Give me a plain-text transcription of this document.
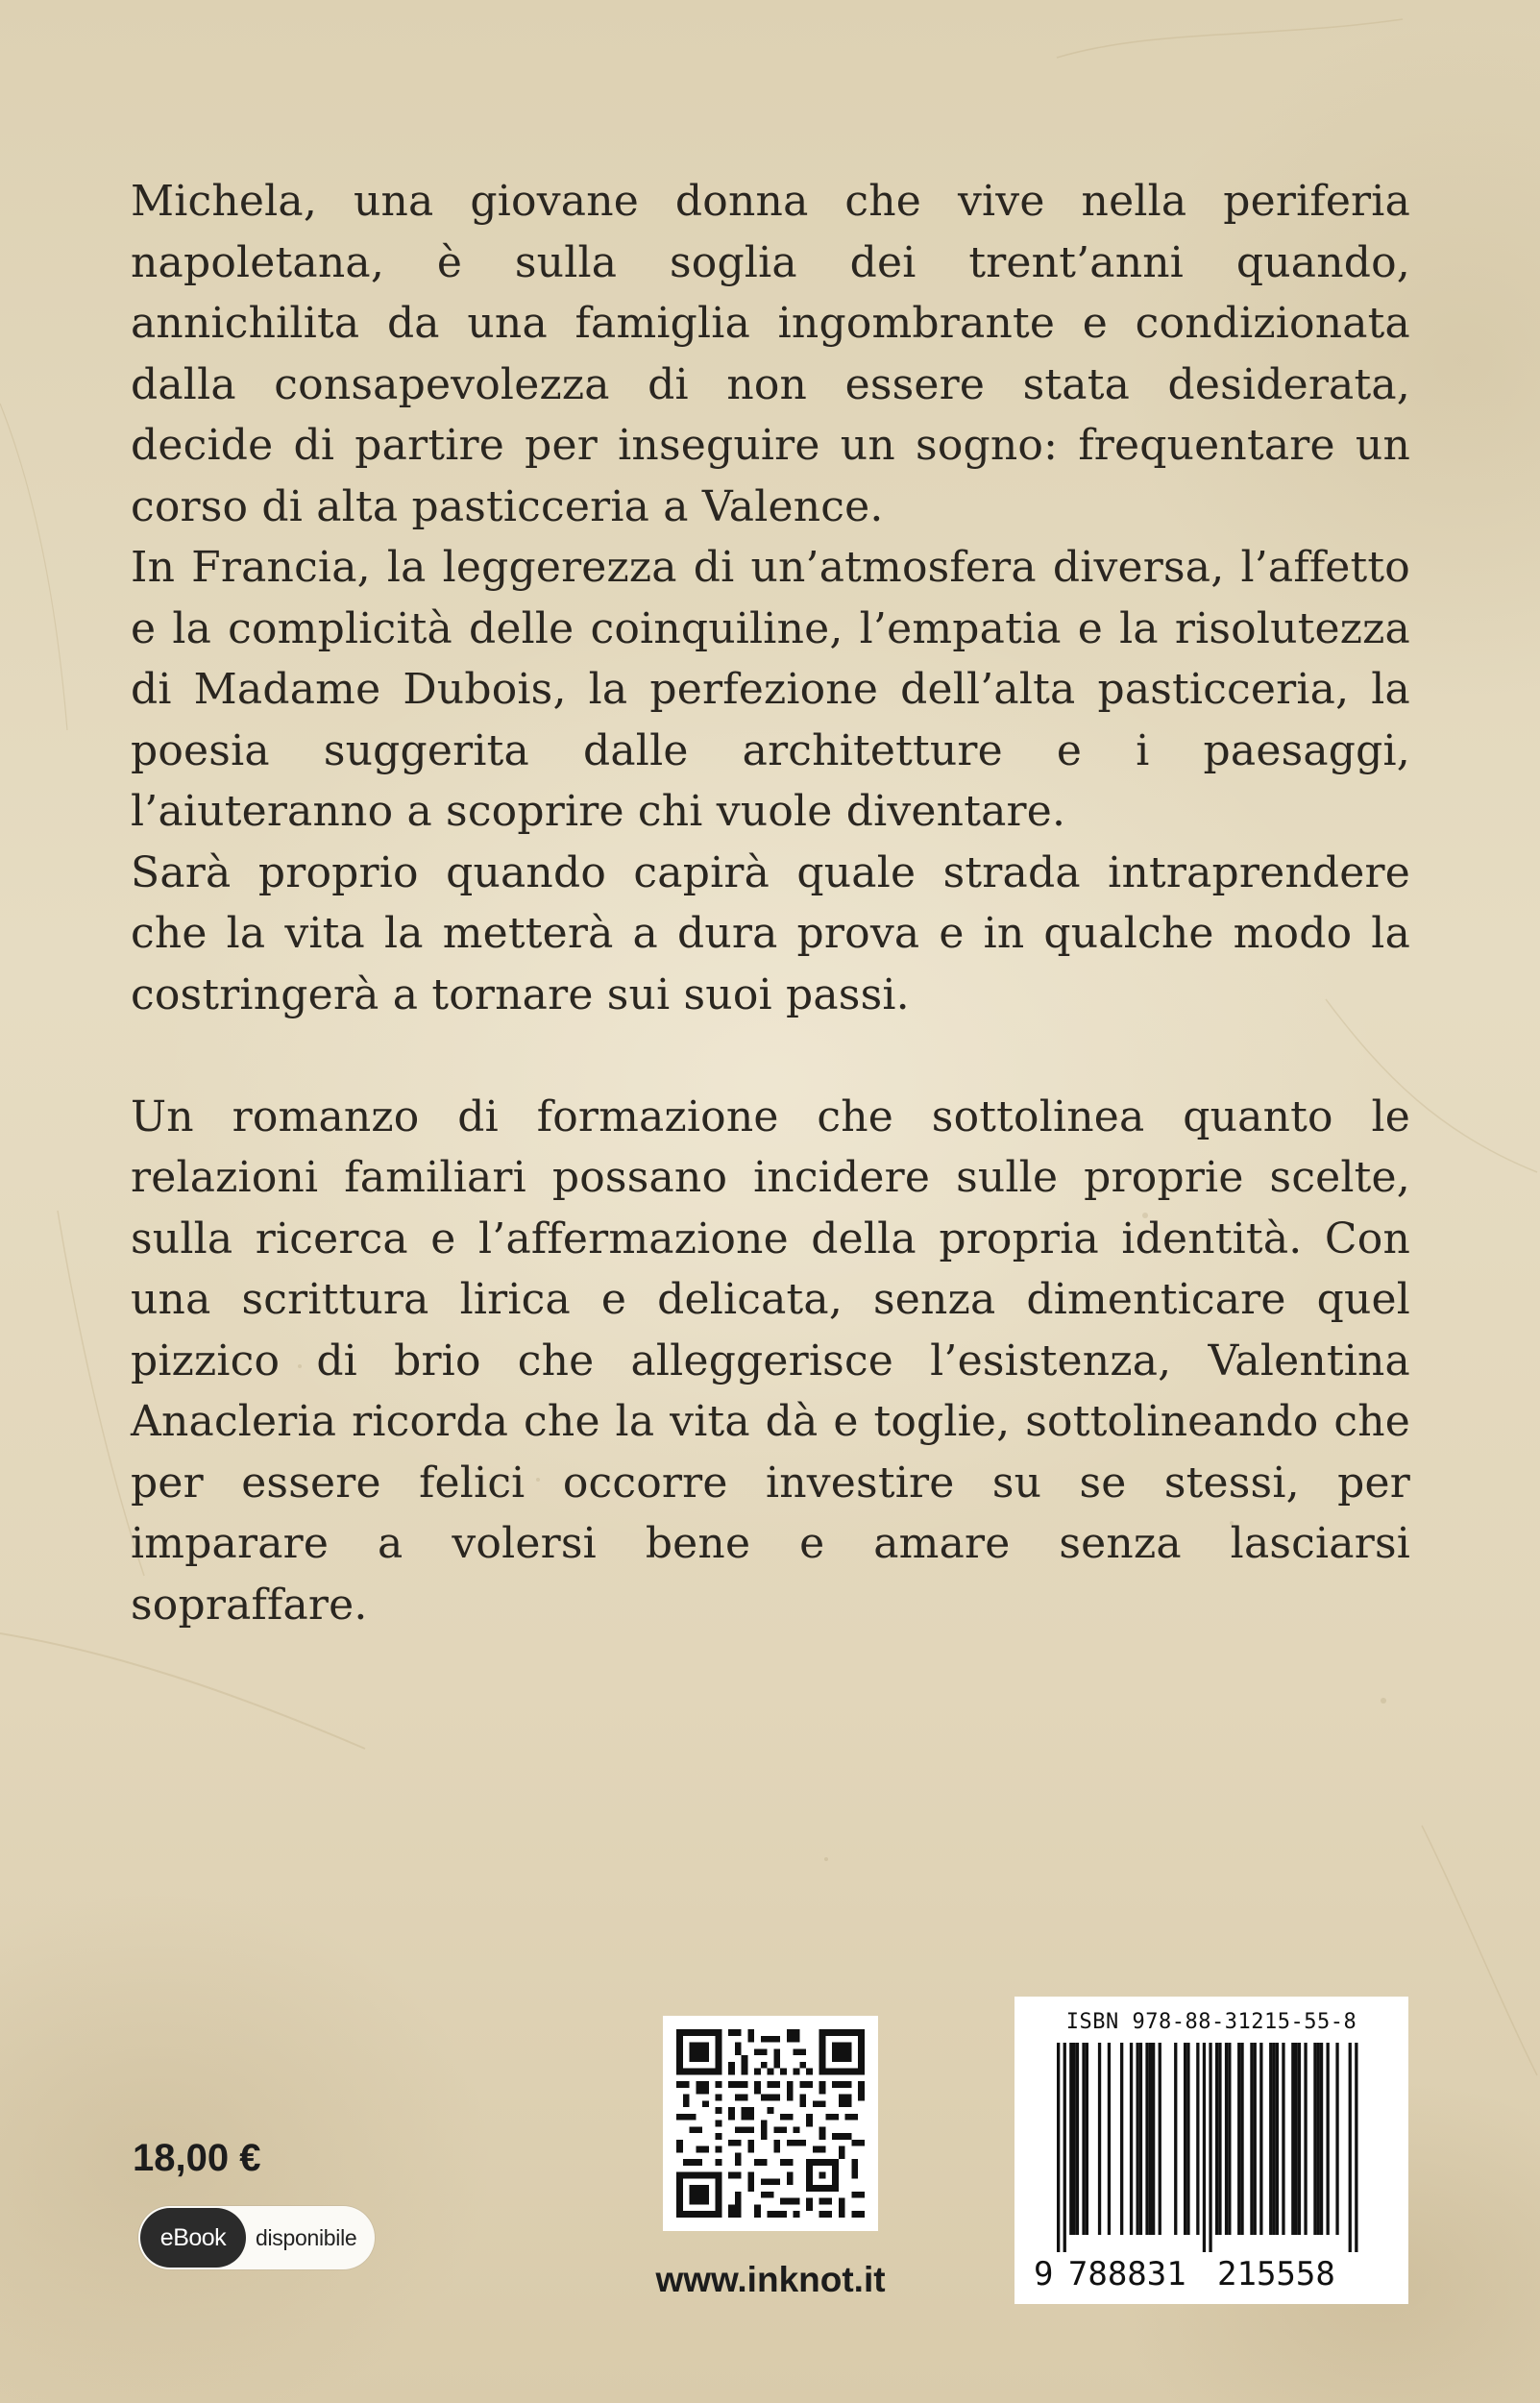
Michela, una giovane donna che vive nella periferia napoletana, è sulla soglia dei trent’anni quando, annichilita da una famiglia ingombrante e condizionata dalla consapevolezza di non essere stata desiderata, decide di partire per inseguire un sogno: frequentare un corso di alta pasticceria a Valence.

In Francia, la leggerezza di un’atmosfera diversa, l’affetto e la complicità delle coinquiline, l’empatia e la risolutezza di Madame Dubois, la perfezione dell’alta pasticceria, la poesia suggerita dalle architetture e i paesaggi, l’aiuteranno a scoprire chi vuole diventare.

Sarà proprio quando capirà quale strada intraprendere che la vita la metterà a dura prova e in qualche modo la costringerà a tornare sui suoi passi.

Un romanzo di formazione che sottolinea quanto le relazioni familiari possano incidere sulle proprie scelte, sulla ricerca e l’affermazione della propria identità. Con una scrittura lirica e delicata, senza dimenticare quel pizzico di brio che alleggerisce l’esistenza, Valentina Anacleria ricorda che la vita dà e toglie, sottolineando che per essere felici occorre investire su se stessi, per imparare a volersi bene e amare senza lasciarsi sopraffare.

18,00 €
eBook	disponibile
www.inknot.it
ISBN 978-88-31215-55-8
9 788831 215558
